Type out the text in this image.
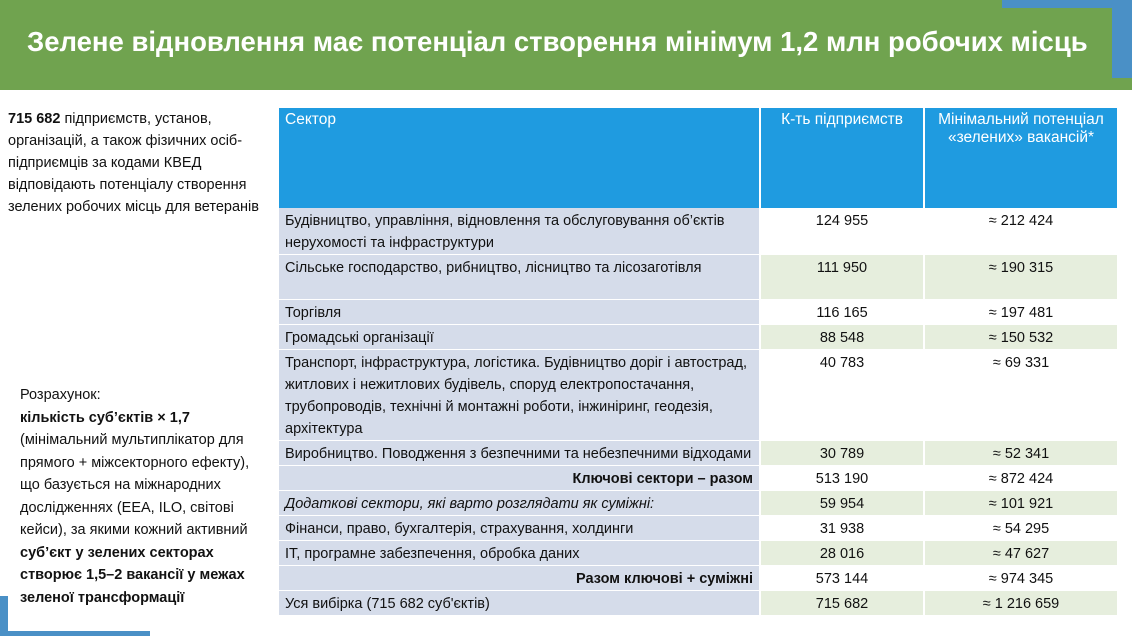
Зелене відновлення має потенціал створення мінімум 1,2 млн робочих місць
715 682 підприємств, установ, організацій, а також фізичних осіб-підприємців за кодами КВЕД відповідають потенціалу створення зелених робочих місць для ветеранів
Розрахунок:
кількість суб’єктів × 1,7 (мінімальний мультиплікатор для прямого + міжсекторного ефекту), що базується на міжнародних дослідженнях (EEA, ILO, світові кейси), за якими кожний активний суб’єкт у зелених секторах створює 1,5–2 вакансії у межах зеленої трансформації
Сектор	К-ть підприємств	Мінімальний потенціал «зелених» вакансій*
Будівництво, управління, відновлення та обслуговування об’єктів нерухомості та інфраструктури	124 955	≈ 212 424
Сільське господарство, рибництво, лісництво та лісозаготівля	111 950	≈ 190 315
Торгівля	116 165	≈ 197 481
Громадські організації	88 548	≈ 150 532
Транспорт, інфраструктура, логістика. Будівництво доріг і автострад, житлових і нежитлових будівель, споруд електропостачання, трубопроводів, технічні й монтажні роботи, інжиніринг, геодезія, архітектура	40 783	≈ 69 331
Виробництво. Поводження з безпечними та небезпечними відходами	30 789	≈ 52 341
Ключові сектори – разом	513 190	≈ 872 424
Додаткові сектори, які варто розглядати як суміжні:	59 954	≈ 101 921
Фінанси, право, бухгалтерія, страхування, холдинги	31 938	≈ 54 295
ІТ, програмне забезпечення, обробка даних	28 016	≈ 47 627
Разом ключові + суміжні	573 144	≈ 974 345
Уся вибірка (715 682 суб'єктів)	715 682	≈ 1 216 659
